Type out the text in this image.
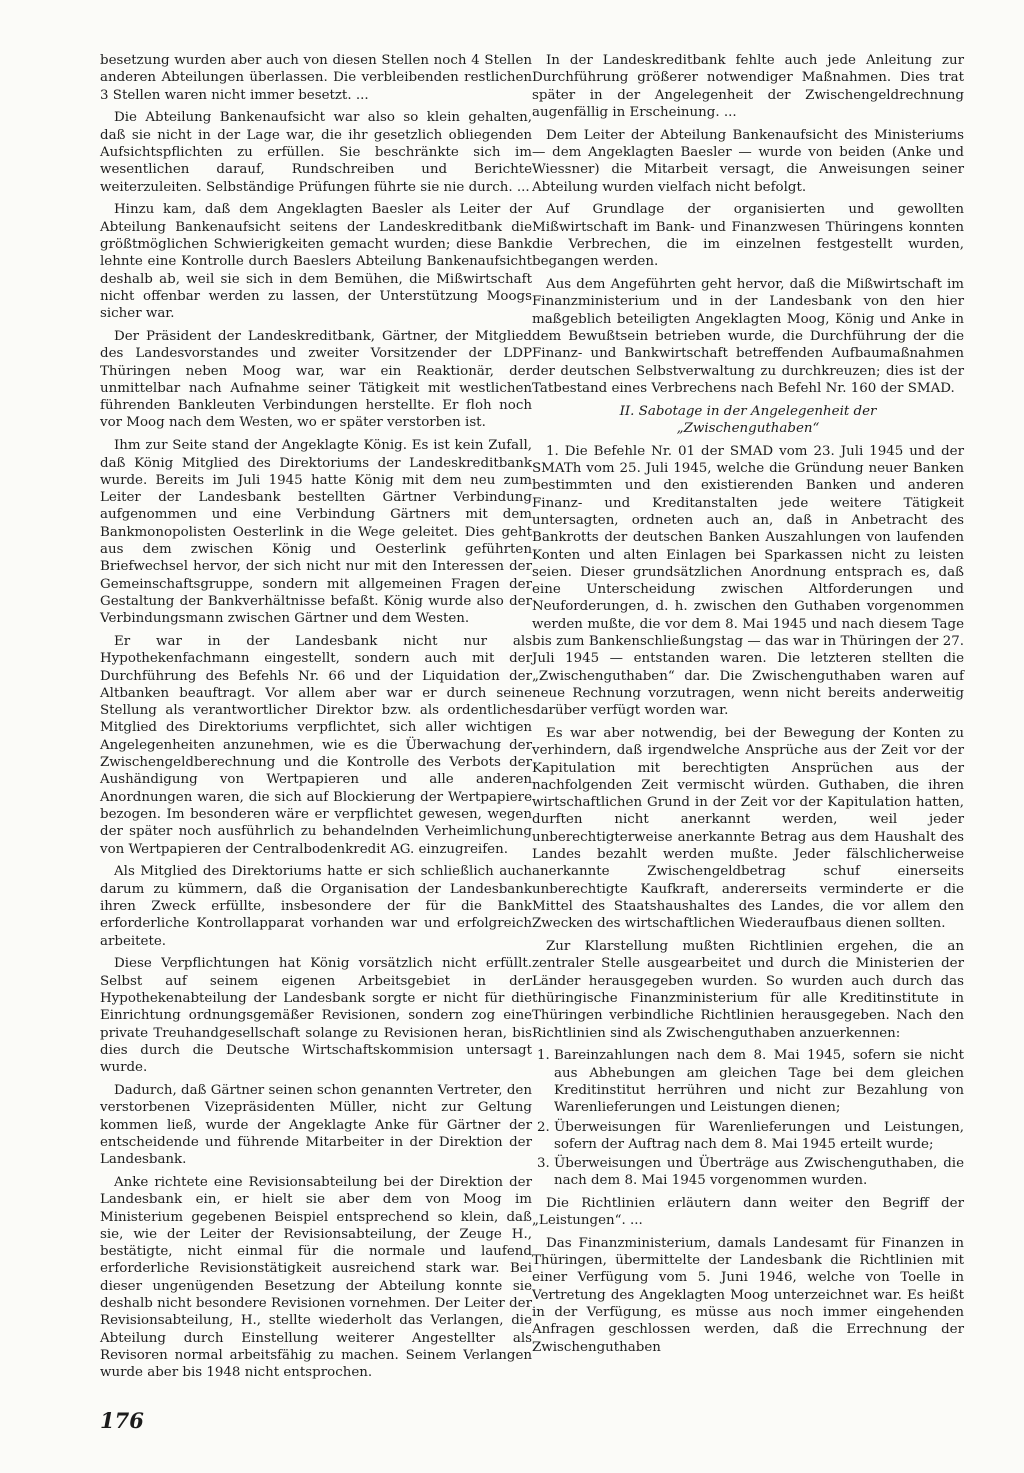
besetzung wurden aber auch von diesen Stellen noch 4 Stellen anderen Abteilungen überlassen. Die verbleibenden restlichen 3 Stellen waren nicht immer besetzt. ...

Die Abteilung Bankenaufsicht war also so klein gehalten, daß sie nicht in der Lage war, die ihr gesetzlich obliegenden Aufsichtspflichten zu erfüllen. Sie beschränkte sich im wesentlichen darauf, Rundschreiben und Berichte weiterzuleiten. Selbständige Prüfungen führte sie nie durch. ...

Hinzu kam, daß dem Angeklagten Baesler als Leiter der Abteilung Bankenaufsicht seitens der Landeskreditbank die größtmöglichen Schwierigkeiten gemacht wurden; diese Bank lehnte eine Kontrolle durch Baeslers Abteilung Bankenaufsicht deshalb ab, weil sie sich in dem Bemühen, die Mißwirtschaft nicht offenbar werden zu lassen, der Unterstützung Moogs sicher war.

Der Präsident der Landeskreditbank, Gärtner, der Mitglied des Landesvorstandes und zweiter Vorsitzender der LDP Thüringen neben Moog war, war ein Reaktionär, der unmittelbar nach Aufnahme seiner Tätigkeit mit westlichen führenden Bankleuten Verbindungen herstellte. Er floh noch vor Moog nach dem Westen, wo er später verstorben ist.

Ihm zur Seite stand der Angeklagte König. Es ist kein Zufall, daß König Mitglied des Direktoriums der Landeskreditbank wurde. Bereits im Juli 1945 hatte König mit dem neu zum Leiter der Landesbank bestellten Gärtner Verbindung aufgenommen und eine Verbindung Gärtners mit dem Bankmonopolisten Oesterlink in die Wege geleitet. Dies geht aus dem zwischen König und Oesterlink geführten Briefwechsel hervor, der sich nicht nur mit den Interessen der Gemeinschaftsgruppe, sondern mit allgemeinen Fragen der Gestaltung der Bankverhältnisse befaßt. König wurde also der Verbindungsmann zwischen Gärtner und dem Westen.

Er war in der Landesbank nicht nur als Hypothekenfachmann eingestellt, sondern auch mit der Durchführung des Befehls Nr. 66 und der Liquidation der Altbanken beauftragt. Vor allem aber war er durch seine Stellung als verantwortlicher Direktor bzw. als ordentliches Mitglied des Direktoriums verpflichtet, sich aller wichtigen Angelegenheiten anzunehmen, wie es die Überwachung der Zwischengeldberechnung und die Kontrolle des Verbots der Aushändigung von Wertpapieren und alle anderen Anordnungen waren, die sich auf Blockierung der Wertpapiere bezogen. Im besonderen wäre er verpflichtet gewesen, wegen der später noch ausführlich zu behandelnden Verheimlichung von Wertpapieren der Centralbodenkredit AG. einzugreifen.

Als Mitglied des Direktoriums hatte er sich schließlich auch darum zu kümmern, daß die Organisation der Landesbank ihren Zweck erfüllte, insbesondere der für die Bank erforderliche Kontrollapparat vorhanden war und erfolgreich arbeitete.

Diese Verpflichtungen hat König vorsätzlich nicht erfüllt. Selbst auf seinem eigenen Arbeitsgebiet in der Hypothekenabteilung der Landesbank sorgte er nicht für die Einrichtung ordnungsgemäßer Revisionen, sondern zog eine private Treuhandgesellschaft solange zu Revisionen heran, bis dies durch die Deutsche Wirtschaftskommision untersagt wurde.

Dadurch, daß Gärtner seinen schon genannten Vertreter, den verstorbenen Vizepräsidenten Müller, nicht zur Geltung kommen ließ, wurde der Angeklagte Anke für Gärtner der entscheidende und führende Mitarbeiter in der Direktion der Landesbank.

Anke richtete eine Revisionsabteilung bei der Direktion der Landesbank ein, er hielt sie aber dem von Moog im Ministerium gegebenen Beispiel entsprechend so klein, daß sie, wie der Leiter der Revisionsabteilung, der Zeuge H., bestätigte, nicht einmal für die normale und laufend erforderliche Revisionstätigkeit ausreichend stark war. Bei dieser ungenügenden Besetzung der Abteilung konnte sie deshalb nicht besondere Revisionen vornehmen. Der Leiter der Revisionsabteilung, H., stellte wiederholt das Verlangen, die Abteilung durch Einstellung weiterer Angestellter als Revisoren normal arbeitsfähig zu machen. Seinem Verlangen wurde aber bis 1948 nicht entsprochen.

In der Landeskreditbank fehlte auch jede Anleitung zur Durchführung größerer notwendiger Maßnahmen. Dies trat später in der Angelegenheit der Zwischengeldrechnung augenfällig in Erscheinung. ...

Dem Leiter der Abteilung Bankenaufsicht des Ministeriums — dem Angeklagten Baesler — wurde von beiden (Anke und Wiessner) die Mitarbeit versagt, die Anweisungen seiner Abteilung wurden vielfach nicht befolgt.

Auf Grundlage der organisierten und gewollten Mißwirtschaft im Bank- und Finanzwesen Thüringens konnten die Verbrechen, die im einzelnen festgestellt wurden, begangen werden.

Aus dem Angeführten geht hervor, daß die Mißwirtschaft im Finanzministerium und in der Landesbank von den hier maßgeblich beteiligten Angeklagten Moog, König und Anke in dem Bewußtsein betrieben wurde, die Durchführung der die Finanz- und Bankwirtschaft betreffenden Aufbaumaßnahmen der deutschen Selbstverwaltung zu durchkreuzen; dies ist der Tatbestand eines Verbrechens nach Befehl Nr. 160 der SMAD.

II. Sabotage in der Angelegenheit der
„Zwischenguthaben“

1. Die Befehle Nr. 01 der SMAD vom 23. Juli 1945 und der SMATh vom 25. Juli 1945, welche die Gründung neuer Banken bestimmten und den existierenden Banken und anderen Finanz- und Kreditanstalten jede weitere Tätigkeit untersagten, ordneten auch an, daß in Anbetracht des Bankrotts der deutschen Banken Auszahlungen von laufenden Konten und alten Einlagen bei Sparkassen nicht zu leisten seien. Dieser grundsätzlichen Anordnung entsprach es, daß eine Unterscheidung zwischen Altforderungen und Neuforderungen, d. h. zwischen den Guthaben vorgenommen werden mußte, die vor dem 8. Mai 1945 und nach diesem Tage bis zum Bankenschließungstag — das war in Thüringen der 27. Juli 1945 — entstanden waren. Die letzteren stellten die „Zwischenguthaben“ dar. Die Zwischenguthaben waren auf neue Rechnung vorzutragen, wenn nicht bereits anderweitig darüber verfügt worden war.

Es war aber notwendig, bei der Bewegung der Konten zu verhindern, daß irgendwelche Ansprüche aus der Zeit vor der Kapitulation mit berechtigten Ansprüchen aus der nachfolgenden Zeit vermischt würden. Guthaben, die ihren wirtschaftlichen Grund in der Zeit vor der Kapitulation hatten, durften nicht anerkannt werden, weil jeder unberechtigterweise anerkannte Betrag aus dem Haushalt des Landes bezahlt werden mußte. Jeder fälschlicherweise anerkannte Zwischengeldbetrag schuf einerseits unberechtigte Kaufkraft, andererseits verminderte er die Mittel des Staatshaushaltes des Landes, die vor allem den Zwecken des wirtschaftlichen Wiederaufbaus dienen sollten.

Zur Klarstellung mußten Richtlinien ergehen, die an zentraler Stelle ausgearbeitet und durch die Ministerien der Länder herausgegeben wurden. So wurden auch durch das thüringische Finanzministerium für alle Kreditinstitute in Thüringen verbindliche Richtlinien herausgegeben. Nach den Richtlinien sind als Zwischenguthaben anzuerkennen:

1. Bareinzahlungen nach dem 8. Mai 1945, sofern sie nicht aus Abhebungen am gleichen Tage bei dem gleichen Kreditinstitut herrühren und nicht zur Bezahlung von Warenlieferungen und Leistungen dienen;
2. Überweisungen für Warenlieferungen und Leistungen, sofern der Auftrag nach dem 8. Mai 1945 erteilt wurde;
3. Überweisungen und Überträge aus Zwischenguthaben, die nach dem 8. Mai 1945 vorgenommen wurden.

Die Richtlinien erläutern dann weiter den Begriff der „Leistungen“. ...

Das Finanzministerium, damals Landesamt für Finanzen in Thüringen, übermittelte der Landesbank die Richtlinien mit einer Verfügung vom 5. Juni 1946, welche von Toelle in Vertretung des Angeklagten Moog unterzeichnet war. Es heißt in der Verfügung, es müsse aus noch immer eingehenden Anfragen geschlossen werden, daß die Errechnung der Zwischenguthaben

176
